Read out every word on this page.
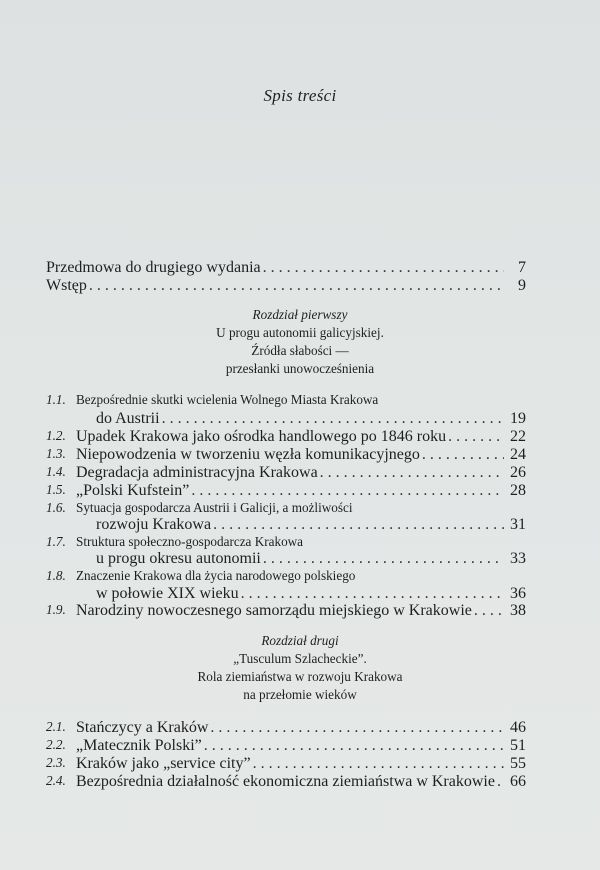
Spis treści
Przedmowa do drugiego wydania . . .	7
Wstęp . . .	9
Rozdział pierwszy
U progu autonomii galicyjskiej.
Źródła słabości —
przesłanki unowocześnienia
1.1. Bezpośrednie skutki wcielenia Wolnego Miasta Krakowa
do Austrii . . .	19
1.2. Upadek Krakowa jako ośrodka handlowego po 1846 roku . . .	22
1.3. Niepowodzenia w tworzeniu węzła komunikacyjnego . . .	24
1.4. Degradacja administracyjna Krakowa . . .	26
1.5. „Polski Kufstein” . . .	28
1.6. Sytuacja gospodarcza Austrii i Galicji, a możliwości
rozwoju Krakowa . . .	31
1.7. Struktura społeczno-gospodarcza Krakowa
u progu okresu autonomii . . .	33
1.8. Znaczenie Krakowa dla życia narodowego polskiego
w połowie XIX wieku . . .	36
1.9. Narodziny nowoczesnego samorządu miejskiego w Krakowie . . .	38
Rozdział drugi
„Tusculum Szlacheckie”.
Rola ziemiaństwa w rozwoju Krakowa
na przełomie wieków
2.1. Stańczycy a Kraków . . .	46
2.2. „Matecznik Polski” . . .	51
2.3. Kraków jako „service city” . . .	55
2.4. Bezpośrednia działalność ekonomiczna ziemiaństwa w Krakowie . . . 66
